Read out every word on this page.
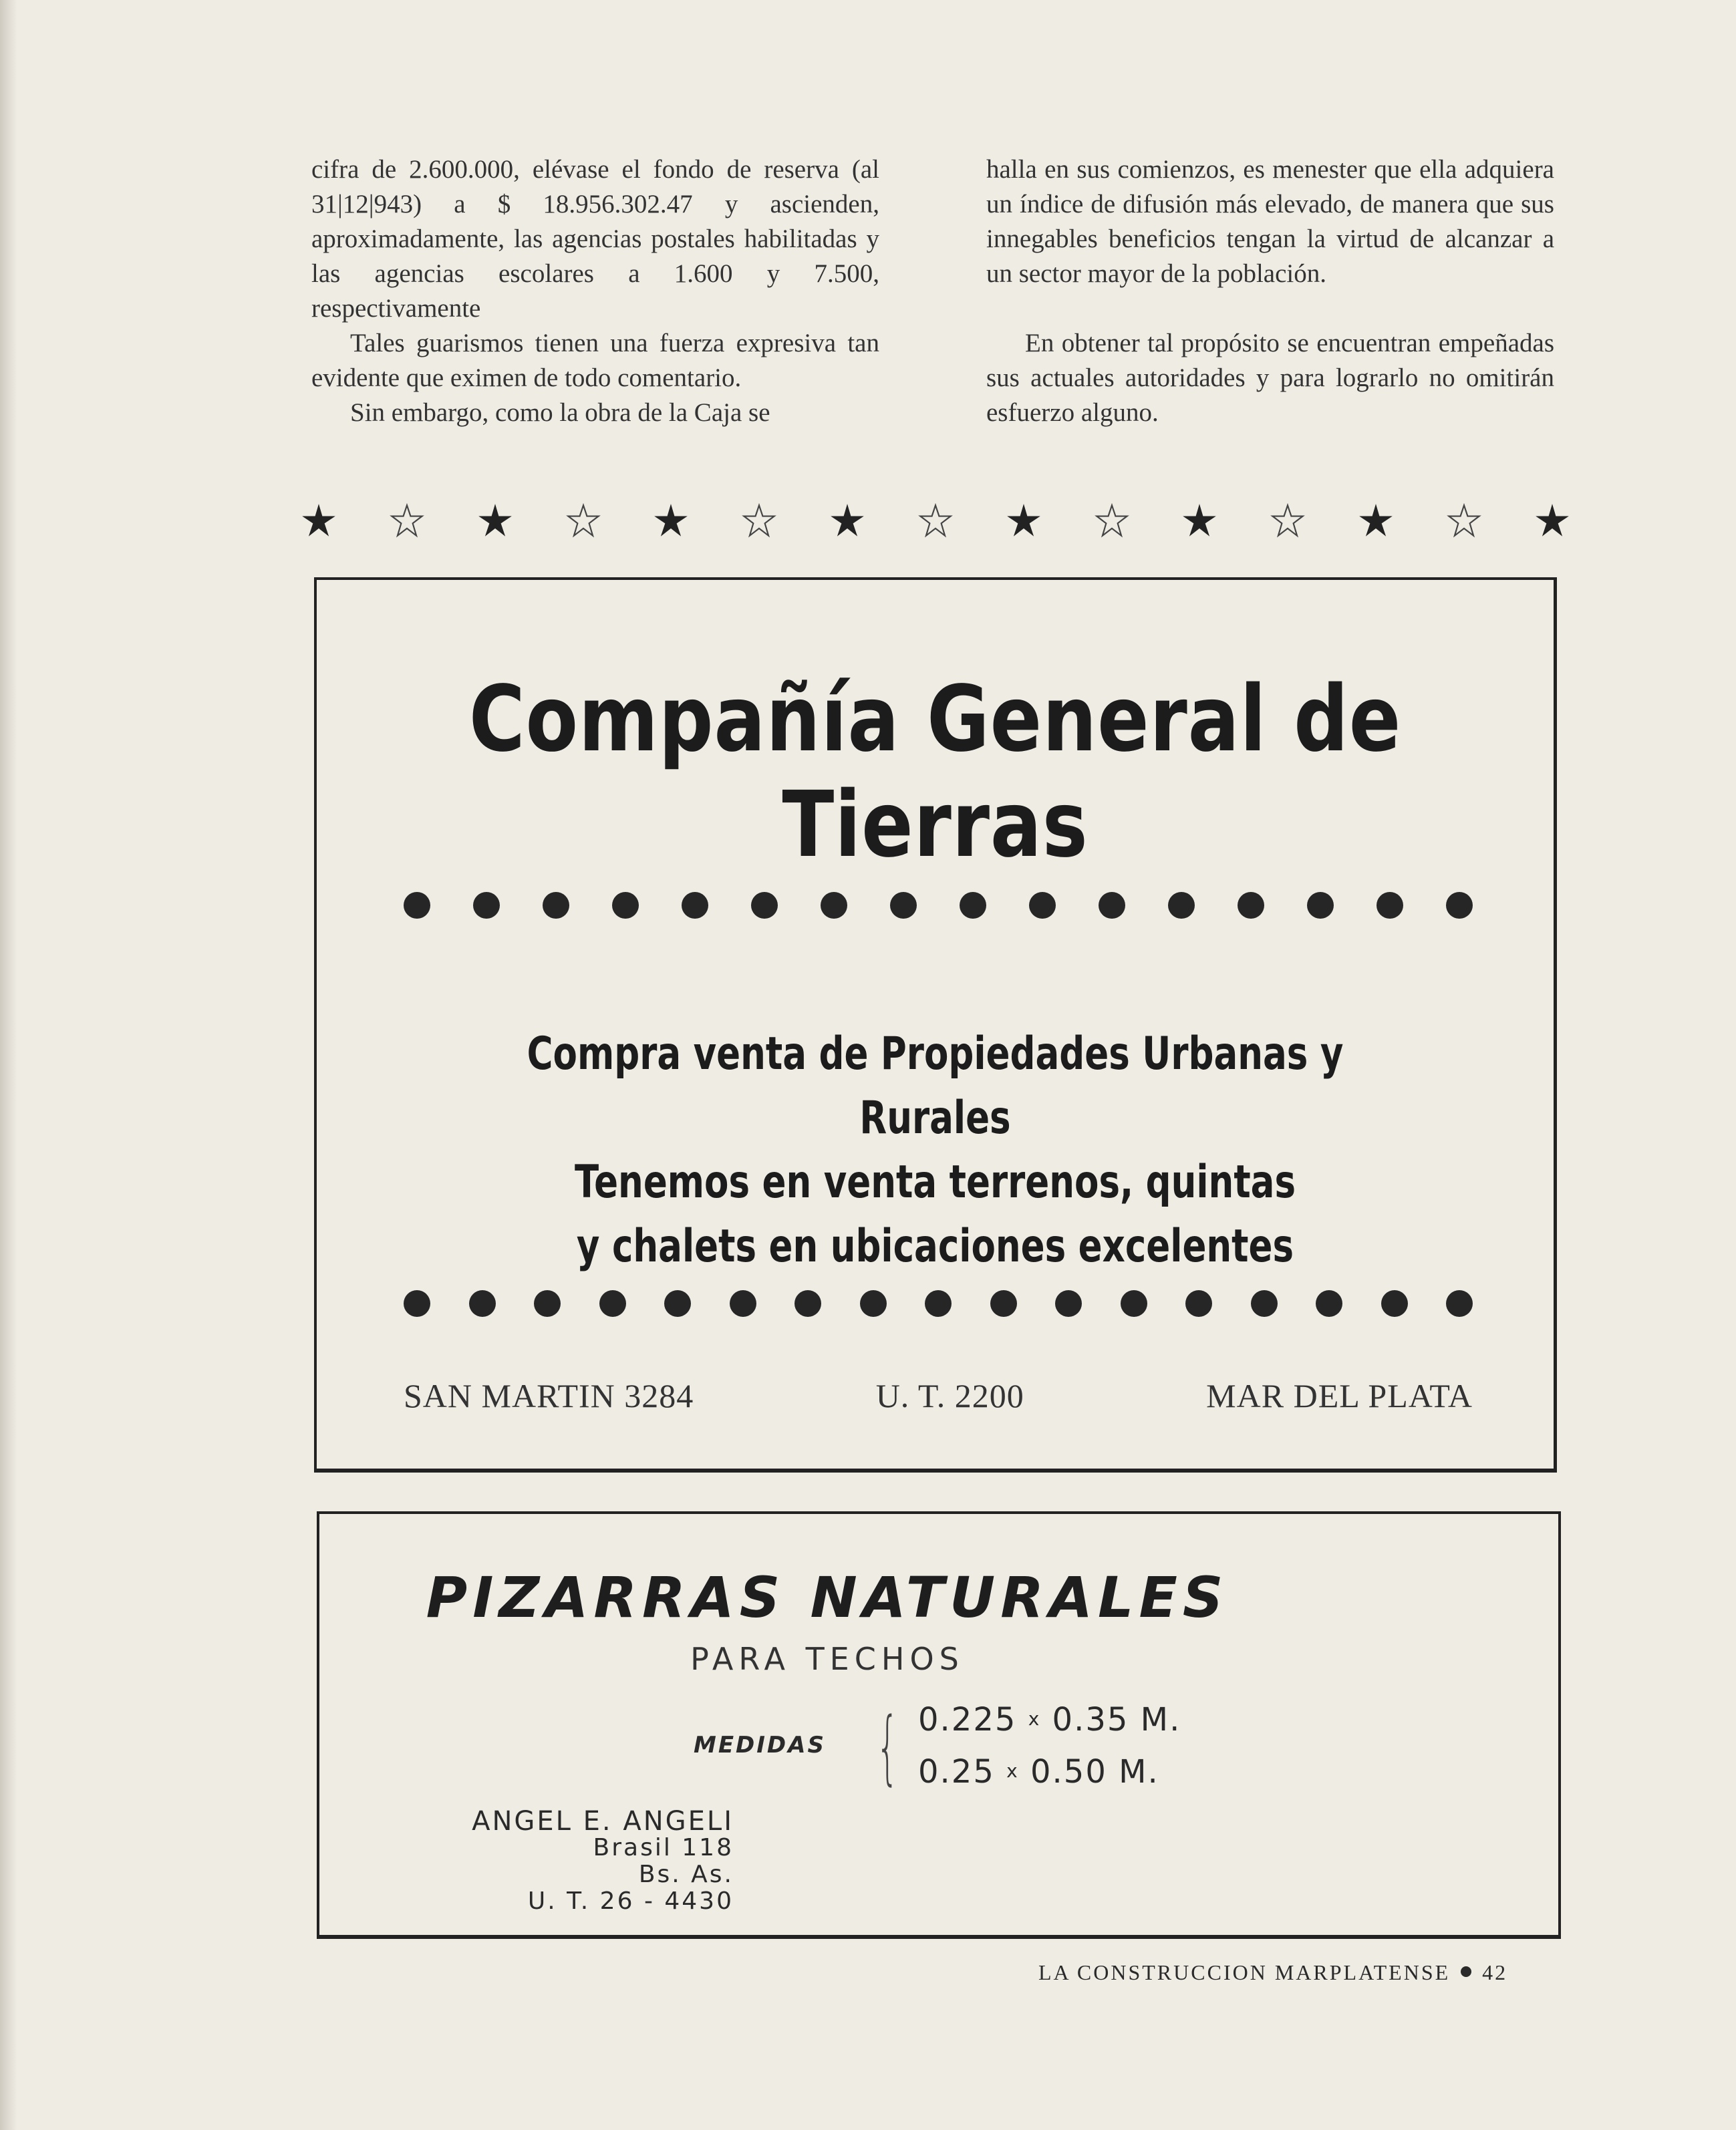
cifra de 2.600.000, elévase el fondo de reserva (al 31|12|943) a $ 18.956.302.47 y ascienden, aproximadamente, las agencias postales habilitadas y las agencias escolares a 1.600 y 7.500, respectivamente

Tales guarismos tienen una fuerza expresiva tan evidente que eximen de todo comentario.

Sin embargo, como la obra de la Caja se

halla en sus comienzos, es menester que ella adquiera un índice de difusión más elevado, de manera que sus innegables beneficios tengan la virtud de alcanzar a un sector mayor de la población.

En obtener tal propósito se encuentran empeñadas sus actuales autoridades y para lograrlo no omitirán esfuerzo alguno.

Compañía General de Tierras
Compra venta de Propiedades Urbanas y Rurales
Tenemos en venta terrenos, quintas
y chalets en ubicaciones excelentes
SAN MARTIN 3284	U. T. 2200	MAR DEL PLATA
PIZARRAS NATURALES
PARA TECHOS
MEDIDAS { 0.225 x 0.35 M.
0.25 x 0.50 M.
ANGEL E. ANGELI
Brasil 118
Bs. As.
U. T. 26 - 4430
LA CONSTRUCCION MARPLATENSE 42
